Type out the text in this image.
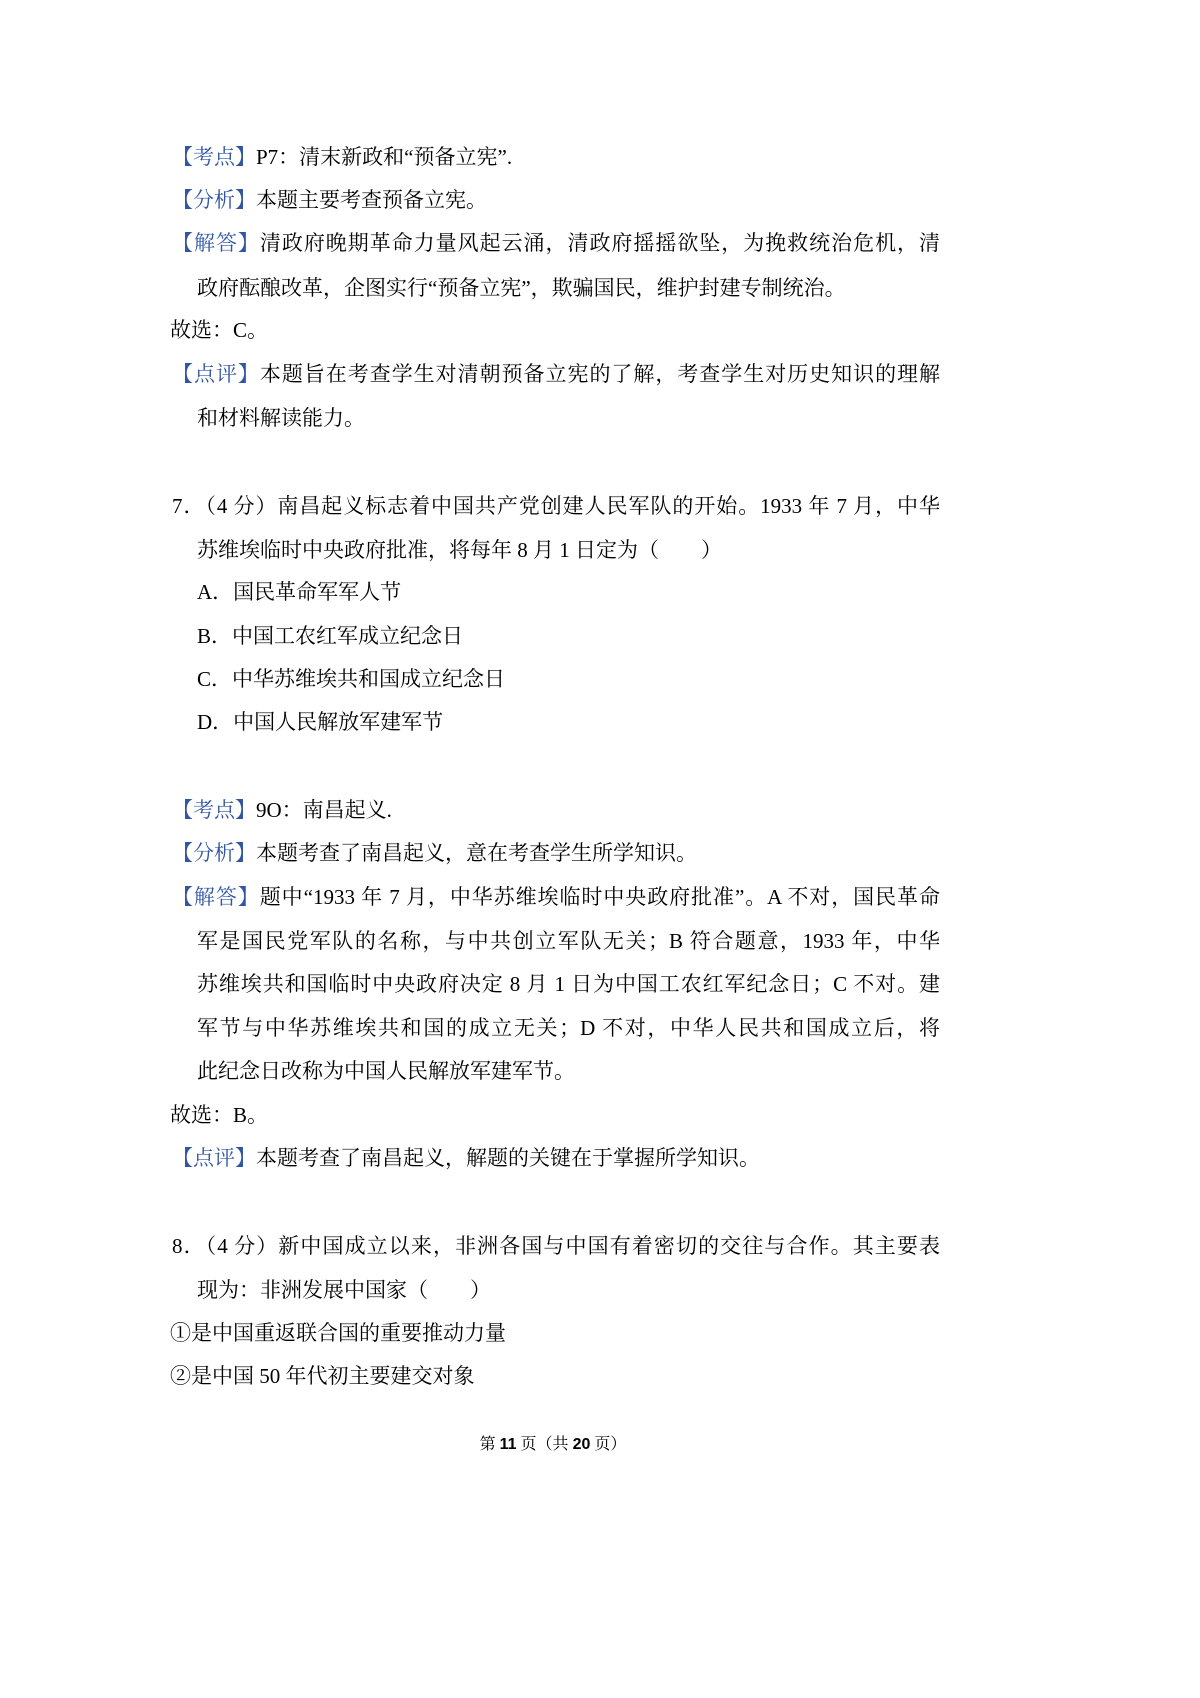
【考点】P7：清末新政和“预备立宪”.
【分析】本题主要考查预备立宪。
【解答】清政府晚期革命力量风起云涌，清政府摇摇欲坠，为挽救统治危机，清
政府酝酿改革，企图实行“预备立宪”，欺骗国民，维护封建专制统治。
故选：C。
【点评】本题旨在考查学生对清朝预备立宪的了解，考查学生对历史知识的理解
和材料解读能力。
7．（4 分）南昌起义标志着中国共产党创建人民军队的开始。1933 年 7 月，中华
苏维埃临时中央政府批准，将每年 8 月 1 日定为（　　）
A．国民革命军军人节
B．中国工农红军成立纪念日
C．中华苏维埃共和国成立纪念日
D．中国人民解放军建军节
【考点】9O：南昌起义.
【分析】本题考查了南昌起义，意在考查学生所学知识。
【解答】题中“1933 年 7 月，中华苏维埃临时中央政府批准”。A 不对，国民革命
军是国民党军队的名称，与中共创立军队无关；B 符合题意，1933 年，中华
苏维埃共和国临时中央政府决定 8 月 1 日为中国工农红军纪念日；C 不对。建
军节与中华苏维埃共和国的成立无关；D 不对，中华人民共和国成立后，将
此纪念日改称为中国人民解放军建军节。
故选：B。
【点评】本题考查了南昌起义，解题的关键在于掌握所学知识。
8．（4 分）新中国成立以来，非洲各国与中国有着密切的交往与合作。其主要表
现为：非洲发展中国家（　　）
①是中国重返联合国的重要推动力量
②是中国 50 年代初主要建交对象
第 11 页（共 20 页）
